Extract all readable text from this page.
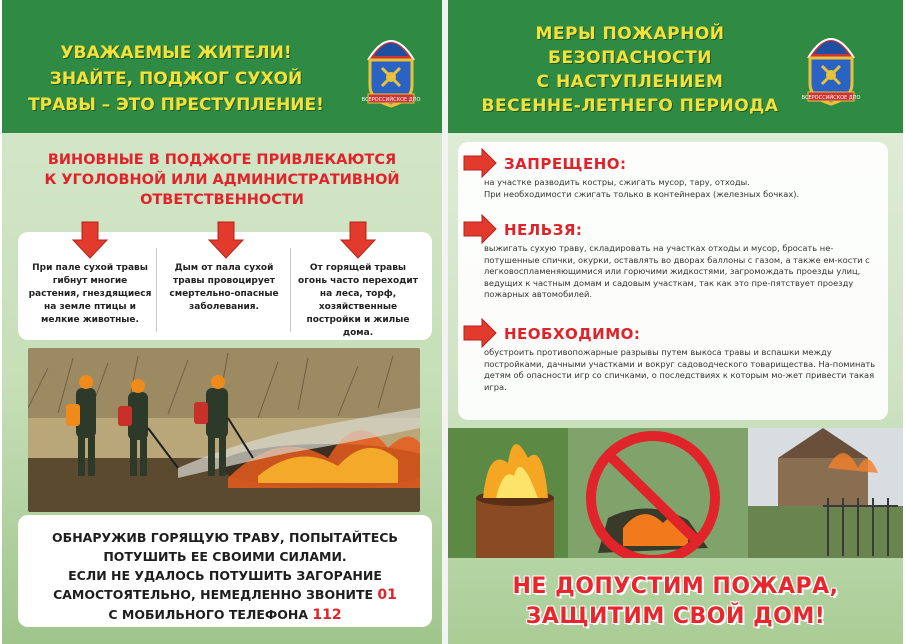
УВАЖАЕМЫЕ ЖИТЕЛИ!
ЗНАЙТЕ, ПОДЖОГ СУХОЙ
ТРАВЫ – ЭТО ПРЕСТУПЛЕНИЕ!	ВСЕРОССИЙСКОЕ ДПО
ВИНОВНЫЕ В ПОДЖОГЕ ПРИВЛЕКАЮТСЯ
К УГОЛОВНОЙ ИЛИ АДМИНИСТРАТИВНОЙ
ОТВЕТСТВЕННОСТИ
При пале сухой травы гибнут многие растения, гнездящиеся на земле птицы и мелкие животные.
Дым от пала сухой травы провоцирует смертельно-опасные заболевания.
От горящей травы огонь часто переходит на леса, торф, хозяйственные постройки и жилые дома.
ОБНАРУЖИВ ГОРЯЩУЮ ТРАВУ, ПОПЫТАЙТЕСЬ
ПОТУШИТЬ ЕЕ СВОИМИ СИЛАМИ.
ЕСЛИ НЕ УДАЛОСЬ ПОТУШИТЬ ЗАГОРАНИЕ
САМОСТОЯТЕЛЬНО, НЕМЕДЛЕННО ЗВОНИТЕ 01
С МОБИЛЬНОГО ТЕЛЕФОНА 112
МЕРЫ ПОЖАРНОЙ
БЕЗОПАСНОСТИ
С НАСТУПЛЕНИЕМ
ВЕСЕННЕ-ЛЕТНЕГО ПЕРИОДА	ВСЕРОССИЙСКОЕ ДПО
ЗАПРЕЩЕНО:
на участке разводить костры, сжигать мусор, тару, отходы.
При необходимости сжигать только в контейнерах (железных бочках).
НЕЛЬЗЯ:
выжигать сухую траву, складировать на участках отходы и мусор, бросать не-потушенные спички, окурки, оставлять во дворах баллоны с газом, а также ем-кости с легковоспламеняющимися или горючими жидкостями, загромождать проезды улиц, ведущих к частным домам и садовым участкам, так как это пре-пятствует проезду пожарных автомобилей.
НЕОБХОДИМО:
обустроить противопожарные разрывы путем выкоса травы и вспашки между постройками, дачными участками и вокруг садоводческого товарищества. На-поминать детям об опасности игр со спичками, о последствиях к которым мо-жет привести такая игра.
НЕ ДОПУСТИМ ПОЖАРА,
ЗАЩИТИМ СВОЙ ДОМ!
